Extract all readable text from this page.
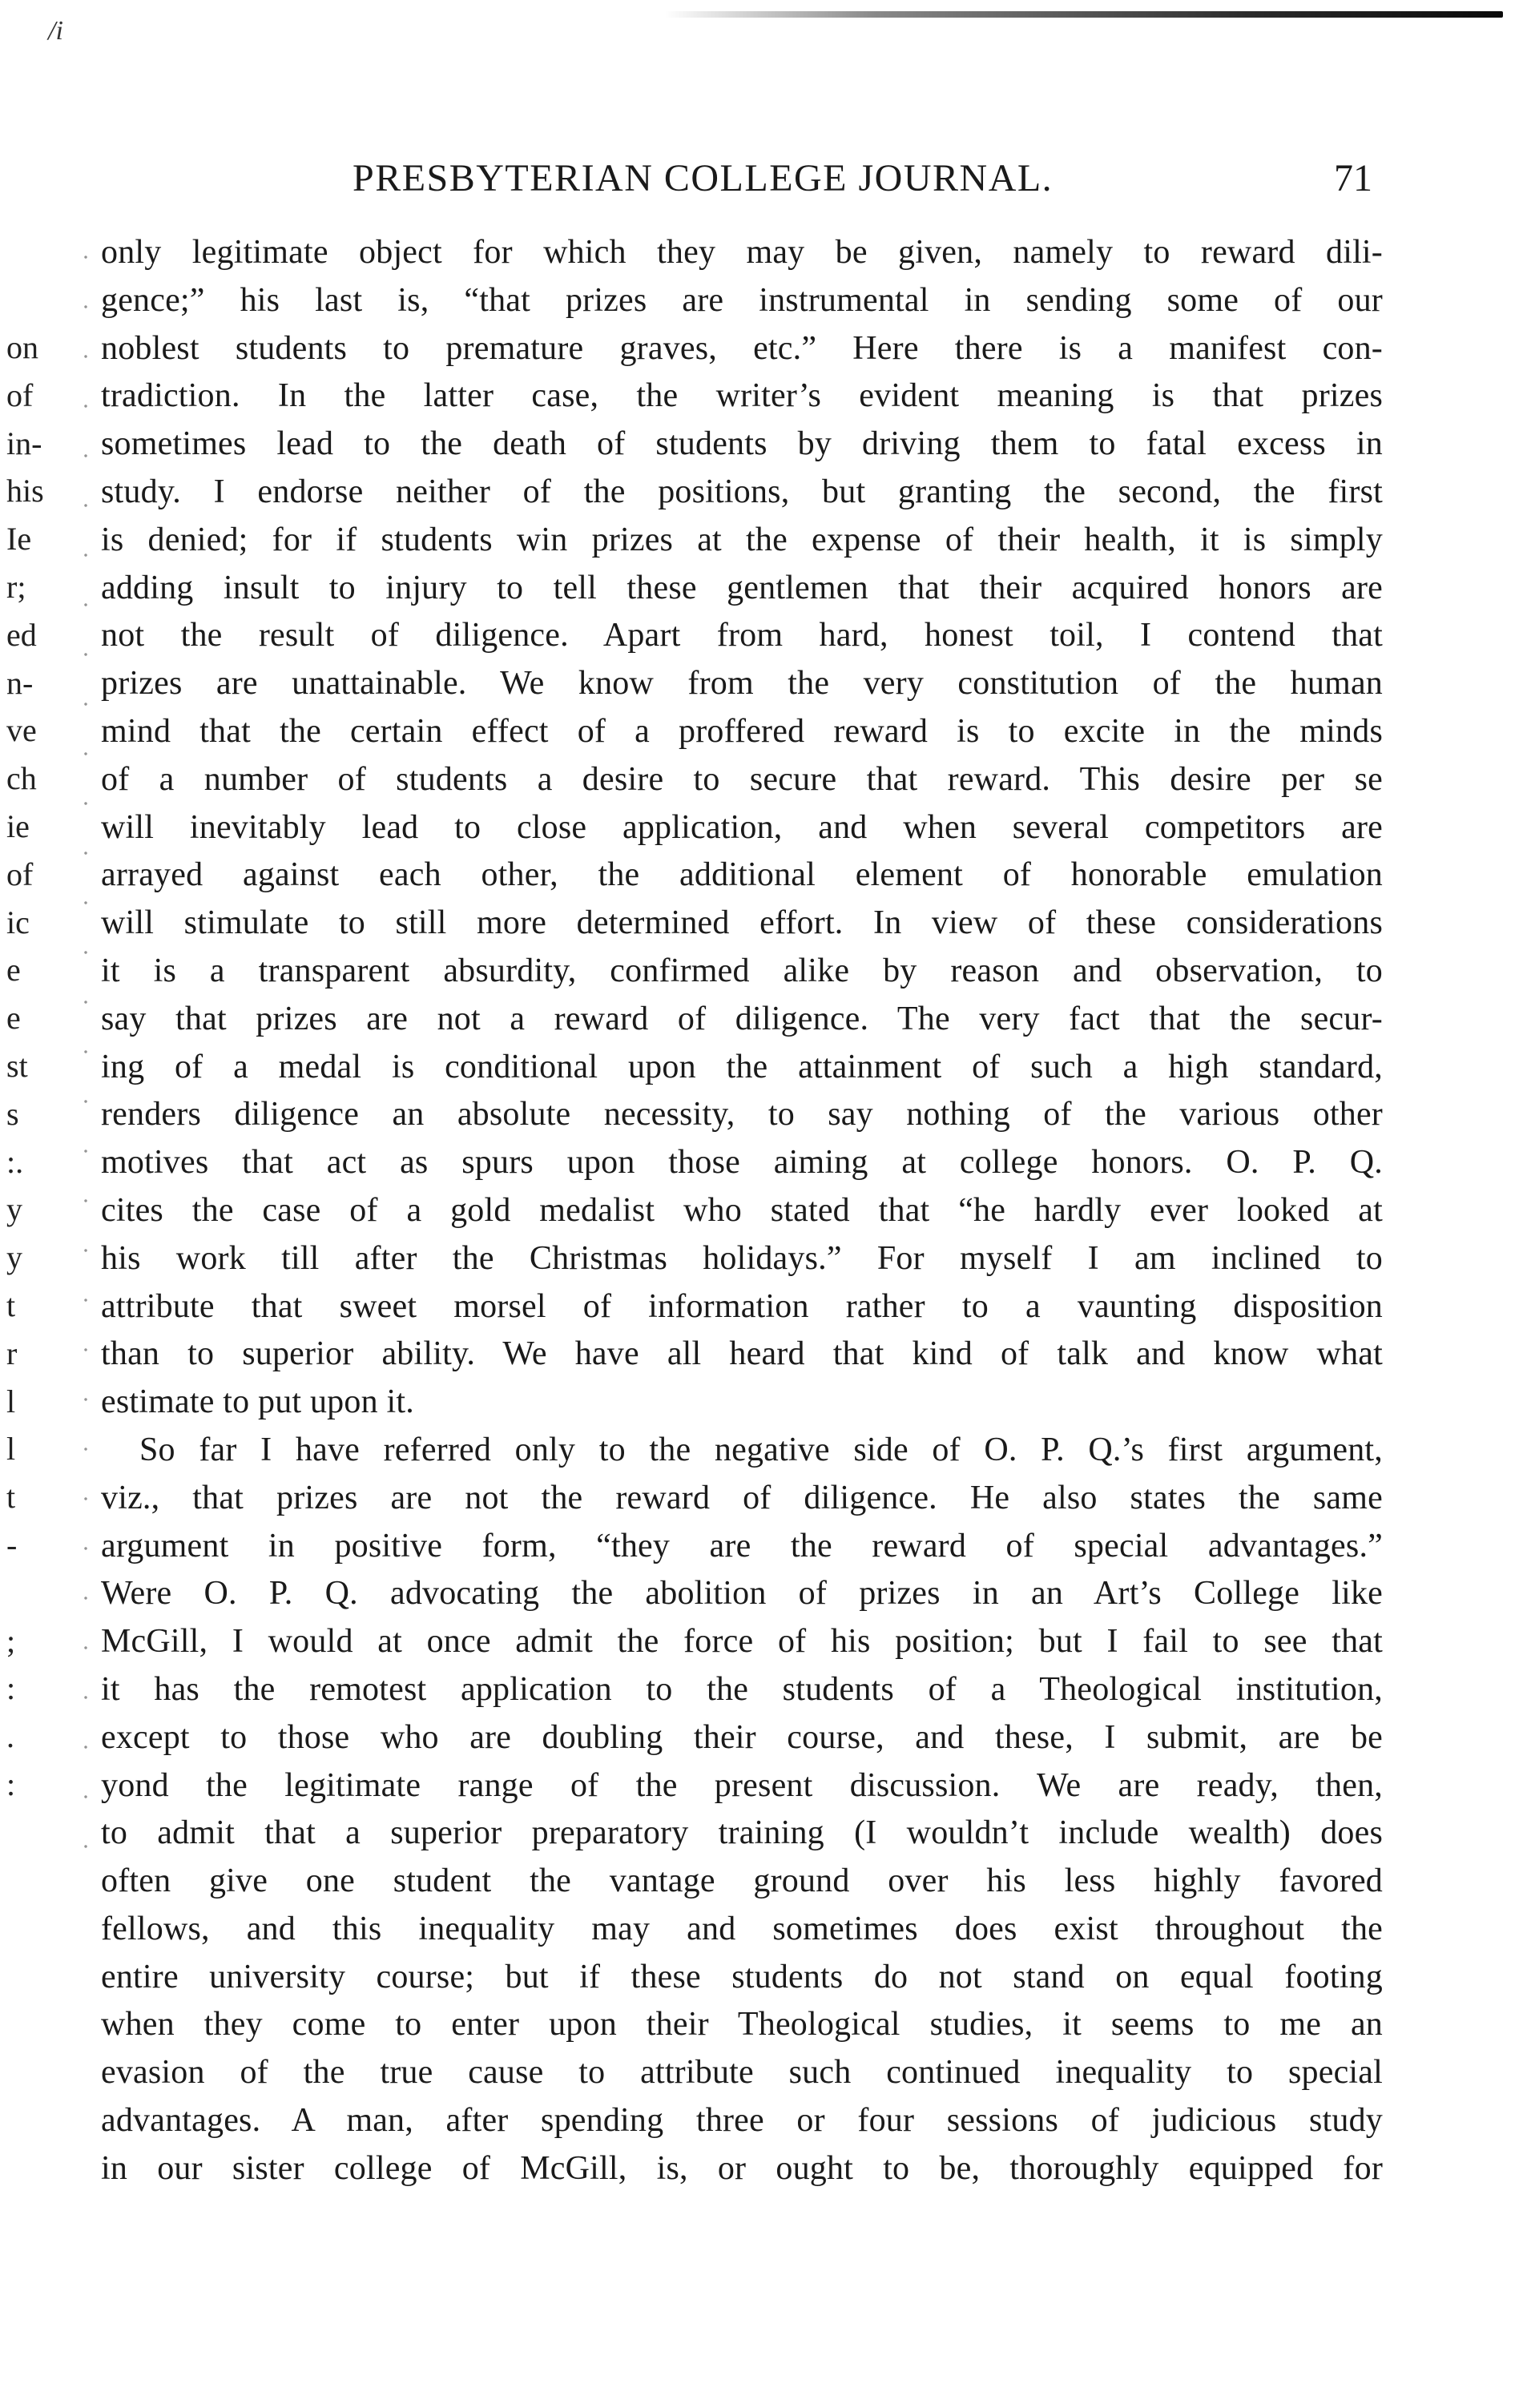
/i
PRESBYTERIAN COLLEGE JOURNAL.	71
on
of
in-
his
Ie
r;
ed
n-
ve
ch
ie
of
ic
e
e
st
s
:.
y
y
t
r
l
l
t
-
;
:
.
:
only legitimate object for which they may be given, namely to reward dili-
gence;” his last is, “that prizes are instrumental in sending some of our
noblest students to premature graves, etc.” Here there is a manifest con-
tradiction. In the latter case, the writer’s evident meaning is that prizes
sometimes lead to the death of students by driving them to fatal excess in
study. I endorse neither of the positions, but granting the second, the first
is denied; for if students win prizes at the expense of their health, it is simply
adding insult to injury to tell these gentlemen that their acquired honors are
not the result of diligence. Apart from hard, honest toil, I contend that
prizes are unattainable. We know from the very constitution of the human
mind that the certain effect of a proffered reward is to excite in the minds
of a number of students a desire to secure that reward. This desire per se
will inevitably lead to close application, and when several competitors are
arrayed against each other, the additional element of honorable emulation
will stimulate to still more determined effort. In view of these considerations
it is a transparent absurdity, confirmed alike by reason and observation, to
say that prizes are not a reward of diligence. The very fact that the secur-
ing of a medal is conditional upon the attainment of such a high standard,
renders diligence an absolute necessity, to say nothing of the various other
motives that act as spurs upon those aiming at college honors. O. P. Q.
cites the case of a gold medalist who stated that “he hardly ever looked at
his work till after the Christmas holidays.” For myself I am inclined to
attribute that sweet morsel of information rather to a vaunting disposition
than to superior ability. We have all heard that kind of talk and know what
estimate to put upon it.
So far I have referred only to the negative side of O. P. Q.’s first argument,
viz., that prizes are not the reward of diligence. He also states the same
argument in positive form, “they are the reward of special advantages.”
Were O. P. Q. advocating the abolition of prizes in an Art’s College like
McGill, I would at once admit the force of his position; but I fail to see that
it has the remotest application to the students of a Theological institution,
except to those who are doubling their course, and these, I submit, are be
yond the legitimate range of the present discussion. We are ready, then,
to admit that a superior preparatory training (I wouldn’t include wealth) does
often give one student the vantage ground over his less highly favored
fellows, and this inequality may and sometimes does exist throughout the
entire university course; but if these students do not stand on equal footing
when they come to enter upon their Theological studies, it seems to me an
evasion of the true cause to attribute such continued inequality to special
advantages. A man, after spending three or four sessions of judicious study
in our sister college of McGill, is, or ought to be, thoroughly equipped for
